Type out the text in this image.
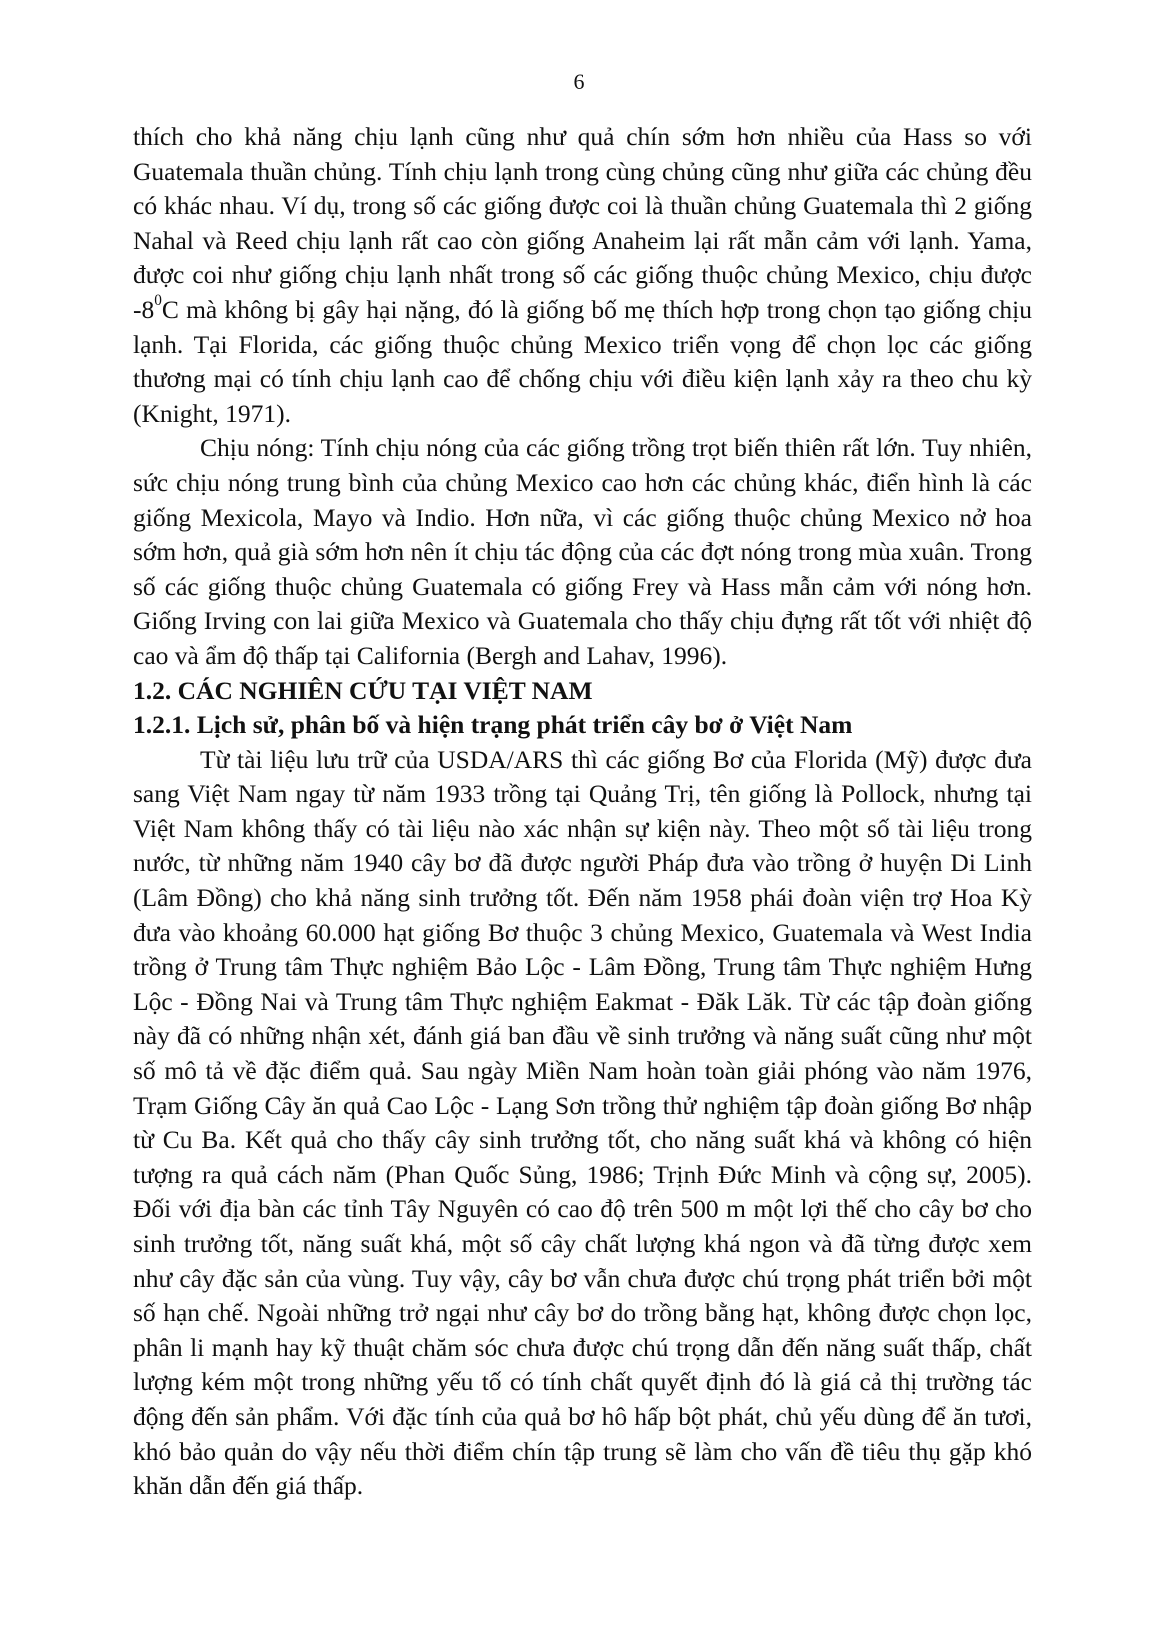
6

thích cho khả năng chịu lạnh cũng như quả chín sớm hơn nhiều của Hass so với Guatemala thuần chủng. Tính chịu lạnh trong cùng chủng cũng như giữa các chủng đều có khác nhau. Ví dụ, trong số các giống được coi là thuần chủng Guatemala thì 2 giống Nahal và Reed chịu lạnh rất cao còn giống Anaheim lại rất mẫn cảm với lạnh. Yama, được coi như giống chịu lạnh nhất trong số các giống thuộc chủng Mexico, chịu được $-8^0C$ mà không bị gây hại nặng, đó là giống bố mẹ thích hợp trong chọn tạo giống chịu lạnh. Tại Florida, các giống thuộc chủng Mexico triển vọng để chọn lọc các giống thương mại có tính chịu lạnh cao để chống chịu với điều kiện lạnh xảy ra theo chu kỳ (Knight, 1971).

Chịu nóng: Tính chịu nóng của các giống trồng trọt biến thiên rất lớn. Tuy nhiên, sức chịu nóng trung bình của chủng Mexico cao hơn các chủng khác, điển hình là các giống Mexicola, Mayo và Indio. Hơn nữa, vì các giống thuộc chủng Mexico nở hoa sớm hơn, quả già sớm hơn nên ít chịu tác động của các đợt nóng trong mùa xuân. Trong số các giống thuộc chủng Guatemala có giống Frey và Hass mẫn cảm với nóng hơn. Giống Irving con lai giữa Mexico và Guatemala cho thấy chịu đựng rất tốt với nhiệt độ cao và ẩm độ thấp tại California (Bergh and Lahav, 1996).

1.2. CÁC NGHIÊN CỨU TẠI VIỆT NAM

1.2.1. Lịch sử, phân bố và hiện trạng phát triển cây bơ ở Việt Nam

Từ tài liệu lưu trữ của USDA/ARS thì các giống Bơ của Florida (Mỹ) được đưa sang Việt Nam ngay từ năm 1933 trồng tại Quảng Trị, tên giống là Pollock, nhưng tại Việt Nam không thấy có tài liệu nào xác nhận sự kiện này. Theo một số tài liệu trong nước, từ những năm 1940 cây bơ đã được người Pháp đưa vào trồng ở huyện Di Linh (Lâm Đồng) cho khả năng sinh trưởng tốt. Đến năm 1958 phái đoàn viện trợ Hoa Kỳ đưa vào khoảng 60.000 hạt giống Bơ thuộc 3 chủng Mexico, Guatemala và West India trồng ở Trung tâm Thực nghiệm Bảo Lộc - Lâm Đồng, Trung tâm Thực nghiệm Hưng Lộc - Đồng Nai và Trung tâm Thực nghiệm Eakmat - Đăk Lăk. Từ các tập đoàn giống này đã có những nhận xét, đánh giá ban đầu về sinh trưởng và năng suất cũng như một số mô tả về đặc điểm quả. Sau ngày Miền Nam hoàn toàn giải phóng vào năm 1976, Trạm Giống Cây ăn quả Cao Lộc - Lạng Sơn trồng thử nghiệm tập đoàn giống Bơ nhập từ Cu Ba. Kết quả cho thấy cây sinh trưởng tốt, cho năng suất khá và không có hiện tượng ra quả cách năm (Phan Quốc Sủng, 1986; Trịnh Đức Minh và cộng sự, 2005). Đối với địa bàn các tỉnh Tây Nguyên có cao độ trên 500 m một lợi thế cho cây bơ cho sinh trưởng tốt, năng suất khá, một số cây chất lượng khá ngon và đã từng được xem như cây đặc sản của vùng. Tuy vậy, cây bơ vẫn chưa được chú trọng phát triển bởi một số hạn chế. Ngoài những trở ngại như cây bơ do trồng bằng hạt, không được chọn lọc, phân li mạnh hay kỹ thuật chăm sóc chưa được chú trọng dẫn đến năng suất thấp, chất lượng kém một trong những yếu tố có tính chất quyết định đó là giá cả thị trường tác động đến sản phẩm. Với đặc tính của quả bơ hô hấp bột phát, chủ yếu dùng để ăn tươi, khó bảo quản do vậy nếu thời điểm chín tập trung sẽ làm cho vấn đề tiêu thụ gặp khó khăn dẫn đến giá thấp.
